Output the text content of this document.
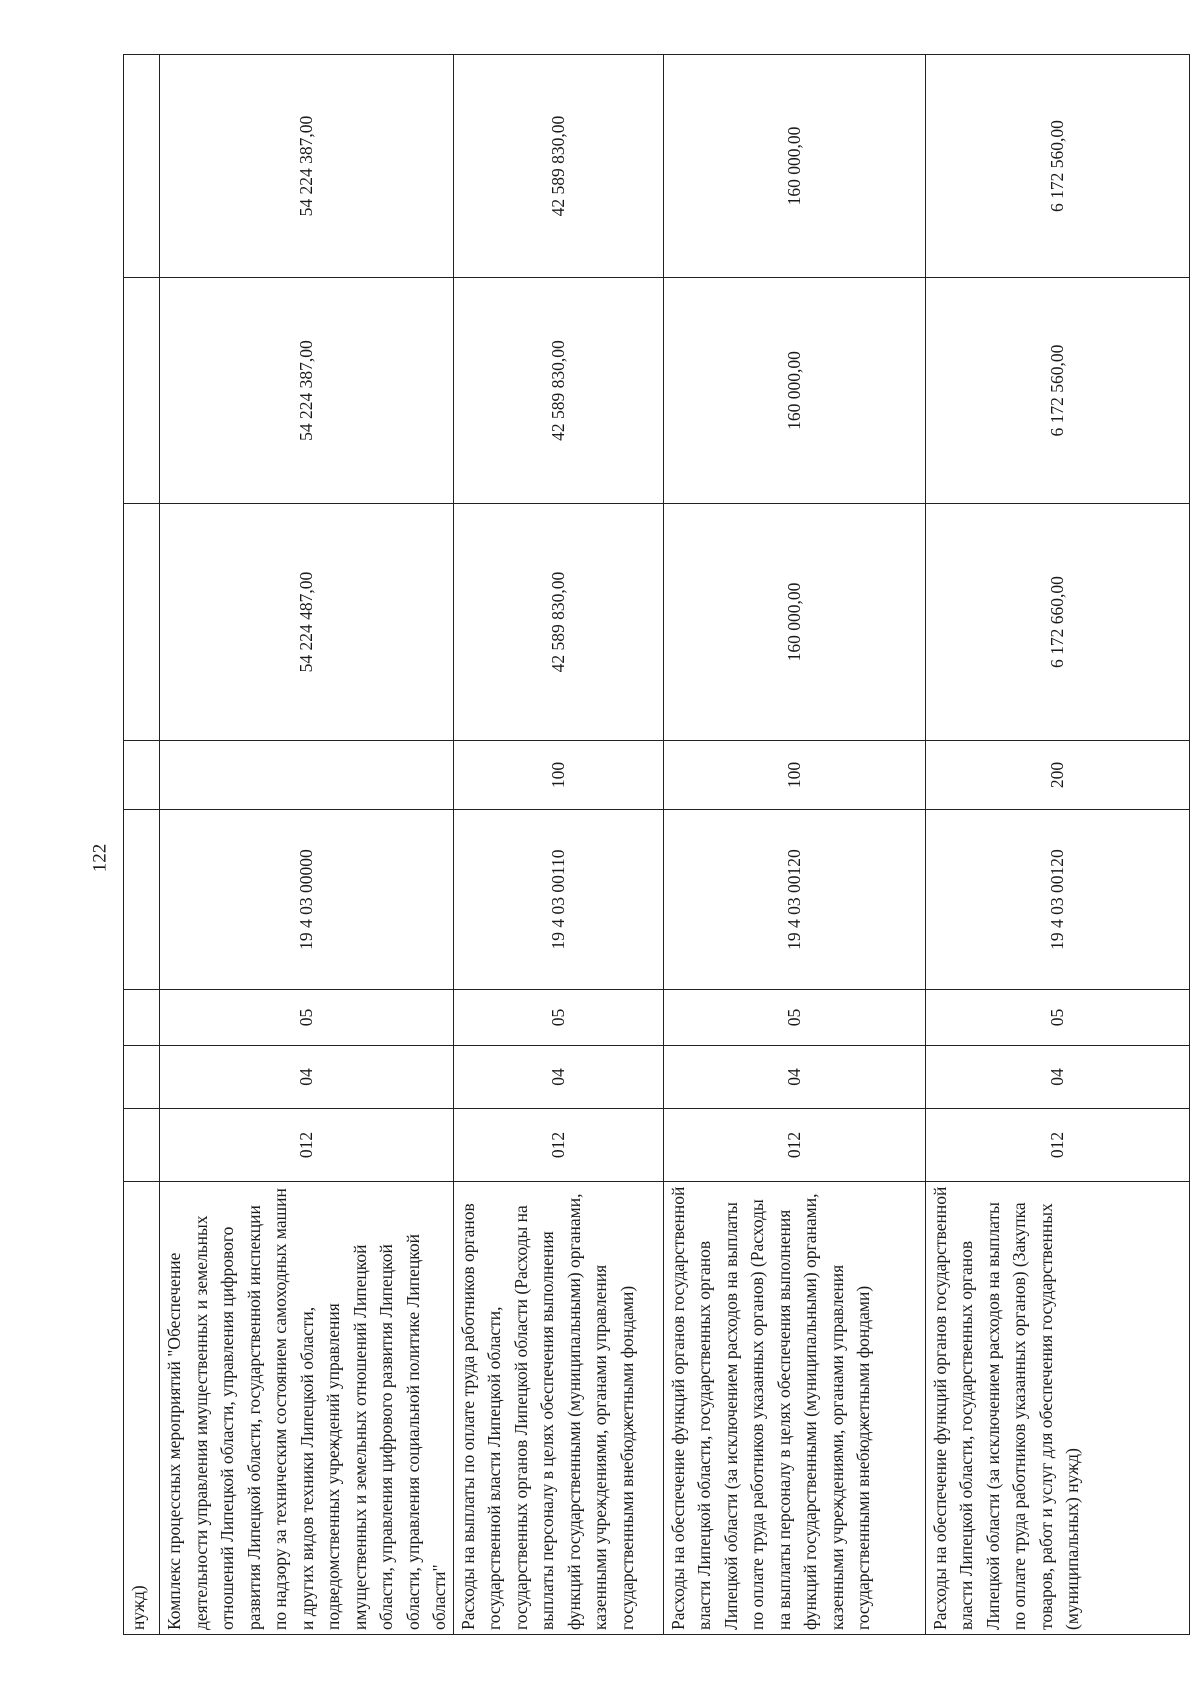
122
нужд)								
Комплекс процессных мероприятий "Обеспечение деятельности управления имущественных и земельных отношений Липецкой области, управления цифрового развития Липецкой области, государственной инспекции по надзору за техническим состоянием самоходных машин и других видов техники Липецкой области, подведомственных учреждений управления имущественных и земельных отношений Липецкой области, управления цифрового развития Липецкой области, управления социальной политике Липецкой области"	012	04	05	19 4 03 00000		54 224 487,00	54 224 387,00	54 224 387,00
Расходы на выплаты по оплате труда работников органов государственной власти Липецкой области, государственных органов Липецкой области (Расходы на выплаты персоналу в целях обеспечения выполнения функций государственными (муниципальными) органами, казенными учреждениями, органами управления государственными внебюджетными фондами)	012	04	05	19 4 03 00110	100	42 589 830,00	42 589 830,00	42 589 830,00
Расходы на обеспечение функций органов государственной власти Липецкой области, государственных органов Липецкой области (за исключением расходов на выплаты по оплате труда работников указанных органов) (Расходы на выплаты персоналу в целях обеспечения выполнения функций государственными (муниципальными) органами, казенными учреждениями, органами управления государственными внебюджетными фондами)	012	04	05	19 4 03 00120	100	160 000,00	160 000,00	160 000,00
Расходы на обеспечение функций органов государственной власти Липецкой области, государственных органов Липецкой области (за исключением расходов на выплаты по оплате труда работников указанных органов) (Закупка товаров, работ и услуг для обеспечения государственных (муниципальных) нужд)	012	04	05	19 4 03 00120	200	6 172 660,00	6 172 560,00	6 172 560,00
